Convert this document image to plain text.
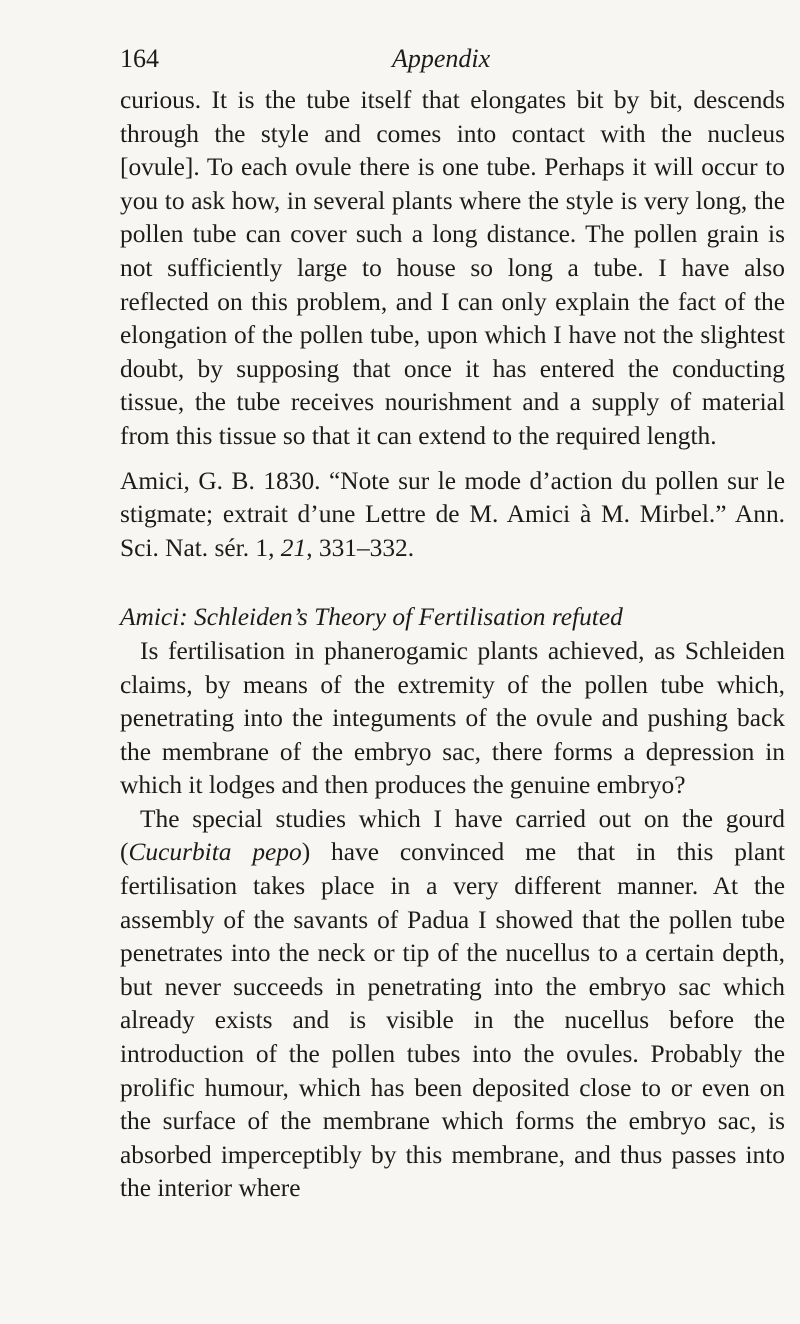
164	Appendix

curious. It is the tube itself that elongates bit by bit, descends through the style and comes into contact with the nucleus [ovule]. To each ovule there is one tube. Perhaps it will occur to you to ask how, in several plants where the style is very long, the pollen tube can cover such a long distance. The pollen grain is not sufficiently large to house so long a tube. I have also reflected on this problem, and I can only explain the fact of the elongation of the pollen tube, upon which I have not the slightest doubt, by supposing that once it has entered the conducting tissue, the tube receives nourishment and a supply of material from this tissue so that it can extend to the required length.

Amici, G. B. 1830. “Note sur le mode d’action du pollen sur le stigmate; extrait d’une Lettre de M. Amici à M. Mirbel.” Ann. Sci. Nat. sér. 1, 21, 331–332.

Amici: Schleiden’s Theory of Fertilisation refuted

Is fertilisation in phanerogamic plants achieved, as Schleiden claims, by means of the extremity of the pollen tube which, penetrating into the integuments of the ovule and pushing back the membrane of the embryo sac, there forms a depression in which it lodges and then produces the genuine embryo?

The special studies which I have carried out on the gourd (Cucurbita pepo) have convinced me that in this plant fertilisation takes place in a very different manner. At the assembly of the savants of Padua I showed that the pollen tube penetrates into the neck or tip of the nucellus to a certain depth, but never succeeds in penetrating into the embryo sac which already exists and is visible in the nucellus before the introduction of the pollen tubes into the ovules. Probably the prolific humour, which has been deposited close to or even on the surface of the membrane which forms the embryo sac, is absorbed imperceptibly by this membrane, and thus passes into the interior where
